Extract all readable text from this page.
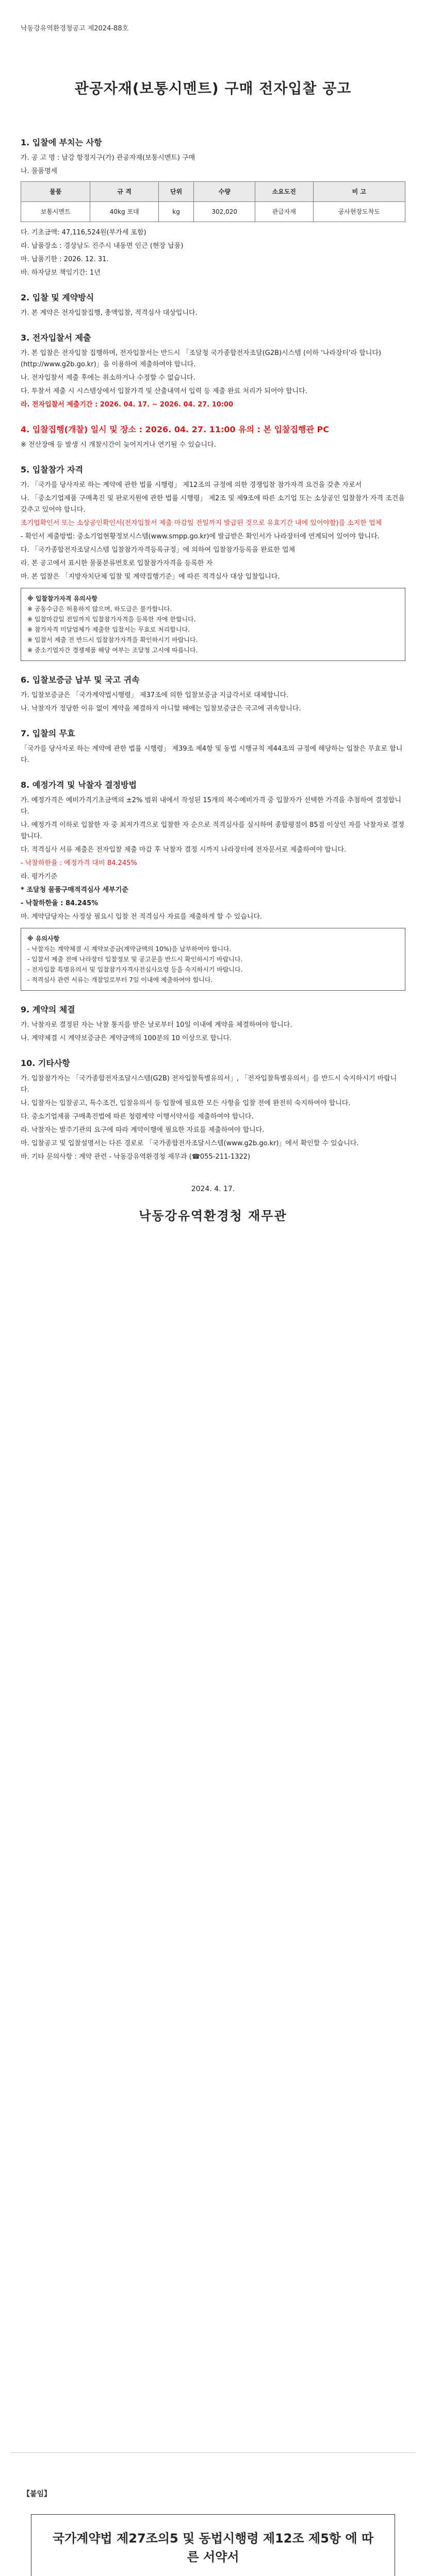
낙동강유역환경청공고 제2024-88호
관공자재(보통시멘트) 구매 전자입찰 공고
1. 입찰에 부치는 사항

가. 공 고 명 : 남강 항정지구(가) 관공자재(보통시멘트) 구매

나. 물품명세

물품	규 격	단위	수량	소요도진	비 고
보통시멘트	40kg 포대	kg	302,020	관급자재	공사현장도착도

다. 기초금액: 47,116,524원(부가세 포함)

라. 납품장소 : 경상남도 진주시 내동면 인근 (현장 납품)

마. 납품기한 : 2026. 12. 31.

바. 하자담보 책임기간: 1년

2. 입찰 및 계약방식

가. 본 계약은 전자입찰집행, 총액입찰, 적격심사 대상입니다.

3. 전자입찰서 제출

가. 본 입찰은 전자입찰 집행하며, 전자입찰서는 반드시 「조달청 국가종합전자조달(G2B)시스템 (이하 '나라장터'라 합니다) (http://www.g2b.go.kr)」을 이용하여 제출하여야 합니다.

나. 전자입찰서 제출 후에는 취소하거나 수정할 수 없습니다.

다. 투찰서 제출 시 시스템상에서 입찰가격 및 산출내역서 입력 등 제출 완료 처리가 되어야 합니다.

라. 전자입찰서 제출기간 : 2026. 04. 17. ~ 2026. 04. 27. 10:00

4. 입찰집행(개찰) 일시 및 장소 : 2026. 04. 27. 11:00 유의 : 본 입찰집행관 PC

※ 전산장애 등 발생 시 개찰시간이 늦어지거나 연기될 수 있습니다.

5. 입찰참가 자격

가. 「국가를 당사자로 하는 계약에 관한 법률 시행령」 제12조의 규정에 의한 경쟁입찰 참가자격 요건을 갖춘 자로서

나. 「중소기업제품 구매촉진 및 판로지원에 관한 법률 시행령」 제2조 및 제9조에 따른 소기업 또는 소상공인 입찰참가 자격 조건을 갖추고 있어야 합니다.

조기업확인서 또는 소상공인확인서(전자입찰서 제출 마감일 전일까지 발급된 것으로 유효기간 내에 있어야함)를 소지한 업체

- 확인서 제출방법: 중소기업현황정보시스템(www.smpp.go.kr)에 발급받은 확인서가 나라장터에 연계되어 있어야 합니다.

다. 「국가종합전자조달시스템 입찰참가자격등록규정」에 의하여 입찰참가등록을 완료한 업체

라. 본 공고에서 표시한 물품분류번호로 입찰참가자격을 등록한 자

마. 본 입찰은 「지방자치단체 입찰 및 계약집행기준」에 따른 적격심사 대상 입찰입니다.

※ 입찰참가자격 유의사항
※ 공동수급은 허용하지 않으며, 하도급은 불가합니다.
※ 입찰마감일 전일까지 입찰참가자격을 등록한 자에 한합니다.
※ 참가자격 미달업체가 제출한 입찰서는 무효로 처리합니다.
※ 입찰서 제출 전 반드시 입찰참가자격을 확인하시기 바랍니다.
※ 중소기업자간 경쟁제품 해당 여부는 조달청 고시에 따릅니다.
6. 입찰보증금 납부 및 국고 귀속

가. 입찰보증금은 「국가계약법시행령」 제37조에 의한 입찰보증금 지급각서로 대체합니다.

나. 낙찰자가 정당한 이유 없이 계약을 체결하지 아니할 때에는 입찰보증금은 국고에 귀속합니다.

7. 입찰의 무효

「국가를 당사자로 하는 계약에 관한 법률 시행령」 제39조 제4항 및 동법 시행규칙 제44조의 규정에 해당하는 입찰은 무효로 합니다.

8. 예정가격 및 낙찰자 결정방법

가. 예정가격은 예비가격기초금액의 ±2% 범위 내에서 작성된 15개의 복수예비가격 중 입찰자가 선택한 가격을 추첨하여 결정합니다.

나. 예정가격 이하로 입찰한 자 중 최저가격으로 입찰한 자 순으로 적격심사를 실시하여 종합평점이 85점 이상인 자를 낙찰자로 결정합니다.

다. 적격심사 서류 제출은 전자입찰 제출 마감 후 낙찰자 결정 시까지 나라장터에 전자문서로 제출하여야 합니다.

- 낙찰하한율 : 예정가격 대비 84.245%

라. 평가기준

* 조달청 물품구매적격심사 세부기준

- 낙찰하한율 : 84.245%

마. 계약담당자는 사정상 필요시 입찰 전 적격심사 자료를 제출하게 할 수 있습니다.

※ 유의사항
- 낙찰자는 계약체결 시 계약보증금(계약금액의 10%)을 납부하여야 합니다.
- 입찰서 제출 전에 나라장터 입찰정보 및 공고문을 반드시 확인하시기 바랍니다.
- 전자입찰 특별유의서 및 입찰참가자격사전심사요령 등을 숙지하시기 바랍니다.
- 적격심사 관련 서류는 개찰일로부터 7일 이내에 제출하여야 합니다.
9. 계약의 체결

가. 낙찰자로 결정된 자는 낙찰 통지를 받은 날로부터 10일 이내에 계약을 체결하여야 합니다.

나. 계약체결 시 계약보증금은 계약금액의 100분의 10 이상으로 합니다.

10. 기타사항

가. 입찰참가자는 「국가종합전자조달시스템(G2B) 전자입찰특별유의서」, 「전자입찰특별유의서」를 반드시 숙지하시기 바랍니다.

나. 입찰자는 입찰공고, 특수조건, 입찰유의서 등 입찰에 필요한 모든 사항을 입찰 전에 완전히 숙지하여야 합니다.

다. 중소기업제품 구매촉진법에 따른 청렴계약 이행서약서를 제출하여야 합니다.

라. 낙찰자는 발주기관의 요구에 따라 계약이행에 필요한 자료를 제출하여야 합니다.

마. 입찰공고 및 입찰설명서는 다른 경로로 「국가종합전자조달시스템(www.g2b.go.kr)」에서 확인할 수 있습니다.

바. 기타 문의사항 : 계약 관련 - 낙동강유역환경청 재무과 (☎055-211-1322)

2024. 4. 17.
낙동강유역환경청 재무관
【붙임】
국가계약법 제27조의5 및 동법시행령 제12조 제5항 에 따른 서약서
